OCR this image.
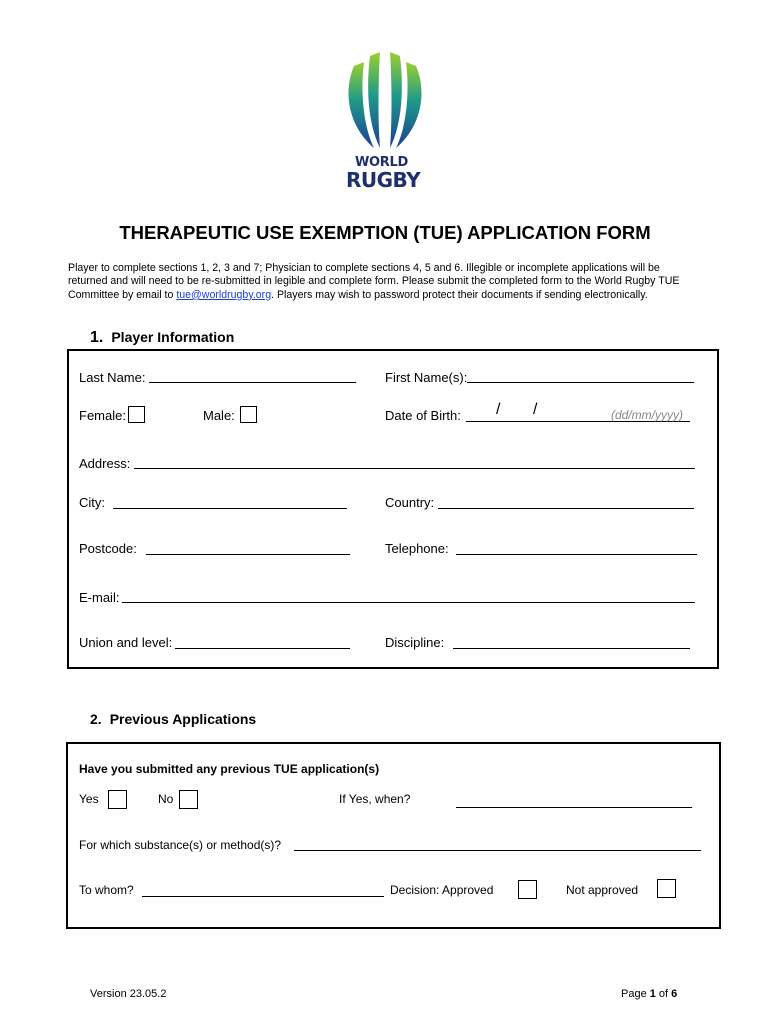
WORLD
RUGBY
THERAPEUTIC USE EXEMPTION (TUE) APPLICATION FORM
Player to complete sections 1, 2, 3 and 7; Physician to complete sections 4, 5 and 6. Illegible or incomplete applications will be returned and will need to be re-submitted in legible and complete form. Please submit the completed form to the World Rugby TUE Committee by email to tue@worldrugby.org. Players may wish to password protect their documents if sending electronically.
1. Player Information
Last Name:	First Name(s):
Female:	Male:	Date of Birth: / /	(dd/mm/yyyy)
Address:
City:	Country:
Postcode:	Telephone:
E-mail:
Union and level:	Discipline:
2. Previous Applications
Have you submitted any previous TUE application(s)
Yes	No	If Yes, when?
For which substance(s) or method(s)?
To whom?	Decision: Approved	Not approved
Version 23.05.2	Page 1 of 6
